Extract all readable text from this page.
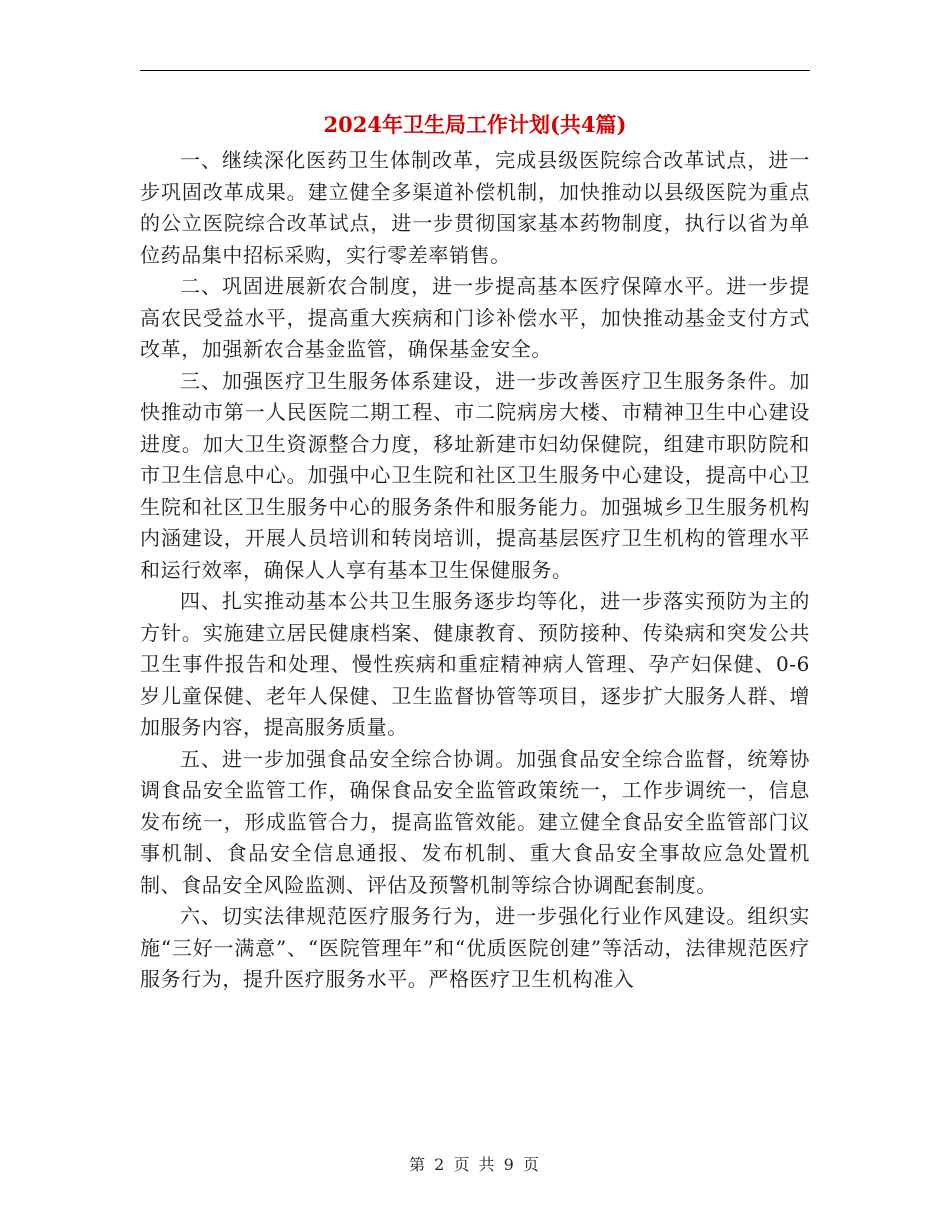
2024年卫生局工作计划(共4篇)

一、继续深化医药卫生体制改革，完成县级医院综合改革试点，进一步巩固改革成果。建立健全多渠道补偿机制，加快推动以县级医院为重点的公立医院综合改革试点，进一步贯彻国家基本药物制度，执行以省为单位药品集中招标采购，实行零差率销售。

二、巩固进展新农合制度，进一步提高基本医疗保障水平。进一步提高农民受益水平，提高重大疾病和门诊补偿水平，加快推动基金支付方式改革，加强新农合基金监管，确保基金安全。

三、加强医疗卫生服务体系建设，进一步改善医疗卫生服务条件。加快推动市第一人民医院二期工程、市二院病房大楼、市精神卫生中心建设进度。加大卫生资源整合力度，移址新建市妇幼保健院，组建市职防院和市卫生信息中心。加强中心卫生院和社区卫生服务中心建设，提高中心卫生院和社区卫生服务中心的服务条件和服务能力。加强城乡卫生服务机构内涵建设，开展人员培训和转岗培训，提高基层医疗卫生机构的管理水平和运行效率，确保人人享有基本卫生保健服务。

四、扎实推动基本公共卫生服务逐步均等化，进一步落实预防为主的方针。实施建立居民健康档案、健康教育、预防接种、传染病和突发公共卫生事件报告和处理、慢性疾病和重症精神病人管理、孕产妇保健、0-6岁儿童保健、老年人保健、卫生监督协管等项目，逐步扩大服务人群、增加服务内容，提高服务质量。

五、进一步加强食品安全综合协调。加强食品安全综合监督，统筹协调食品安全监管工作，确保食品安全监管政策统一，工作步调统一，信息发布统一，形成监管合力，提高监管效能。建立健全食品安全监管部门议事机制、食品安全信息通报、发布机制、重大食品安全事故应急处置机制、食品安全风险监测、评估及预警机制等综合协调配套制度。

六、切实法律规范医疗服务行为，进一步强化行业作风建设。组织实施“三好一满意”、“医院管理年”和“优质医院创建”等活动，法律规范医疗服务行为，提升医疗服务水平。严格医疗卫生机构准入

第 2 页 共 9 页
